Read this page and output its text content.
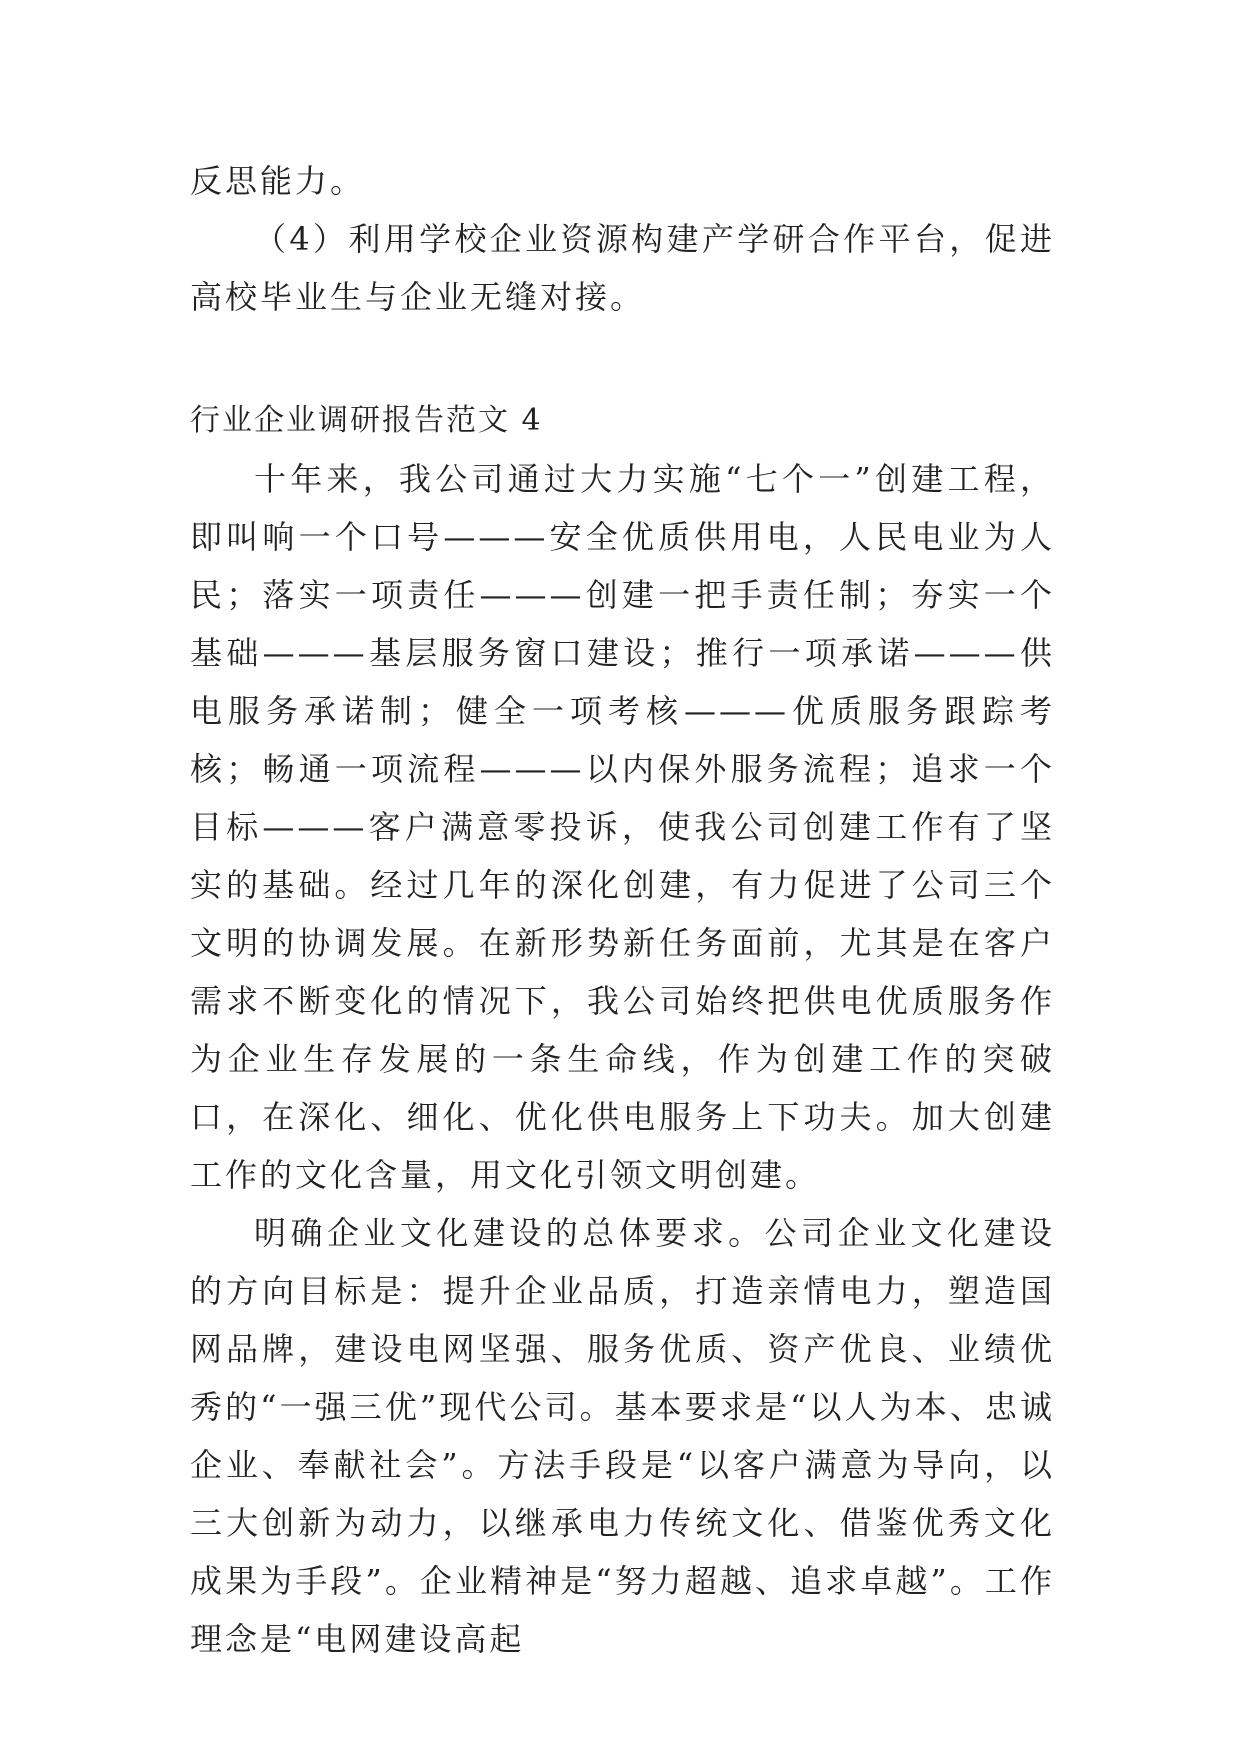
反思能力。

（4）利用学校企业资源构建产学研合作平台，促进高校毕业生与企业无缝对接。

行业企业调研报告范文 4

十年来，我公司通过大力实施“七个一”创建工程，即叫响一个口号———安全优质供用电，人民电业为人民；落实一项责任———创建一把手责任制；夯实一个基础———基层服务窗口建设；推行一项承诺———供电服务承诺制；健全一项考核———优质服务跟踪考核；畅通一项流程———以内保外服务流程；追求一个目标———客户满意零投诉，使我公司创建工作有了坚实的基础。经过几年的深化创建，有力促进了公司三个文明的协调发展。在新形势新任务面前，尤其是在客户需求不断变化的情况下，我公司始终把供电优质服务作为企业生存发展的一条生命线，作为创建工作的突破口，在深化、细化、优化供电服务上下功夫。加大创建工作的文化含量，用文化引领文明创建。

明确企业文化建设的总体要求。公司企业文化建设的方向目标是：提升企业品质，打造亲情电力，塑造国网品牌，建设电网坚强、服务优质、资产优良、业绩优秀的“一强三优”现代公司。基本要求是“以人为本、忠诚企业、奉献社会”。方法手段是“以客户满意为导向，以三大创新为动力，以继承电力传统文化、借鉴优秀文化成果为手段”。企业精神是“努力超越、追求卓越”。工作理念是“电网建设高起
